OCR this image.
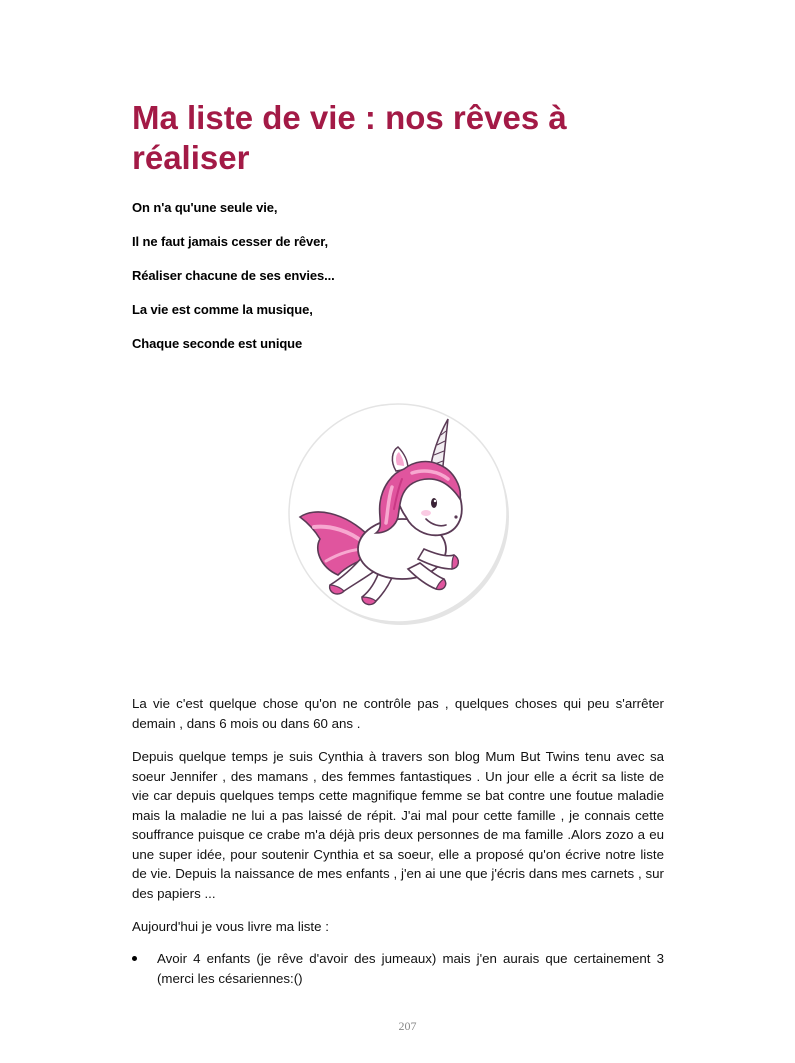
Ma liste de vie : nos rêves à réaliser
On n'a qu'une seule vie,
Il ne faut jamais cesser de rêver,
Réaliser chacune de ses envies...
La vie est comme la musique,
Chaque seconde est unique

La vie c'est quelque chose qu'on ne contrôle pas , quelques choses qui peu s'arrêter demain , dans 6 mois ou dans 60 ans .

Depuis quelque temps je suis Cynthia à travers son blog Mum But Twins tenu avec sa soeur Jennifer , des mamans , des femmes fantastiques . Un jour elle a écrit sa liste de vie car depuis quelques temps cette magnifique femme se bat contre une foutue maladie mais la maladie ne lui a pas laissé de répit. J'ai mal pour cette famille , je connais cette souffrance puisque ce crabe m'a déjà pris deux personnes de ma famille .Alors zozo a eu une super idée, pour soutenir Cynthia et sa soeur, elle a proposé qu'on écrive notre liste de vie. Depuis la naissance de mes enfants , j'en ai une que j'écris dans mes carnets , sur des papiers ...

Aujourd'hui je vous livre ma liste :

Avoir 4 enfants (je rêve d'avoir des jumeaux) mais j'en aurais que certainement 3 (merci les césariennes:()
207
